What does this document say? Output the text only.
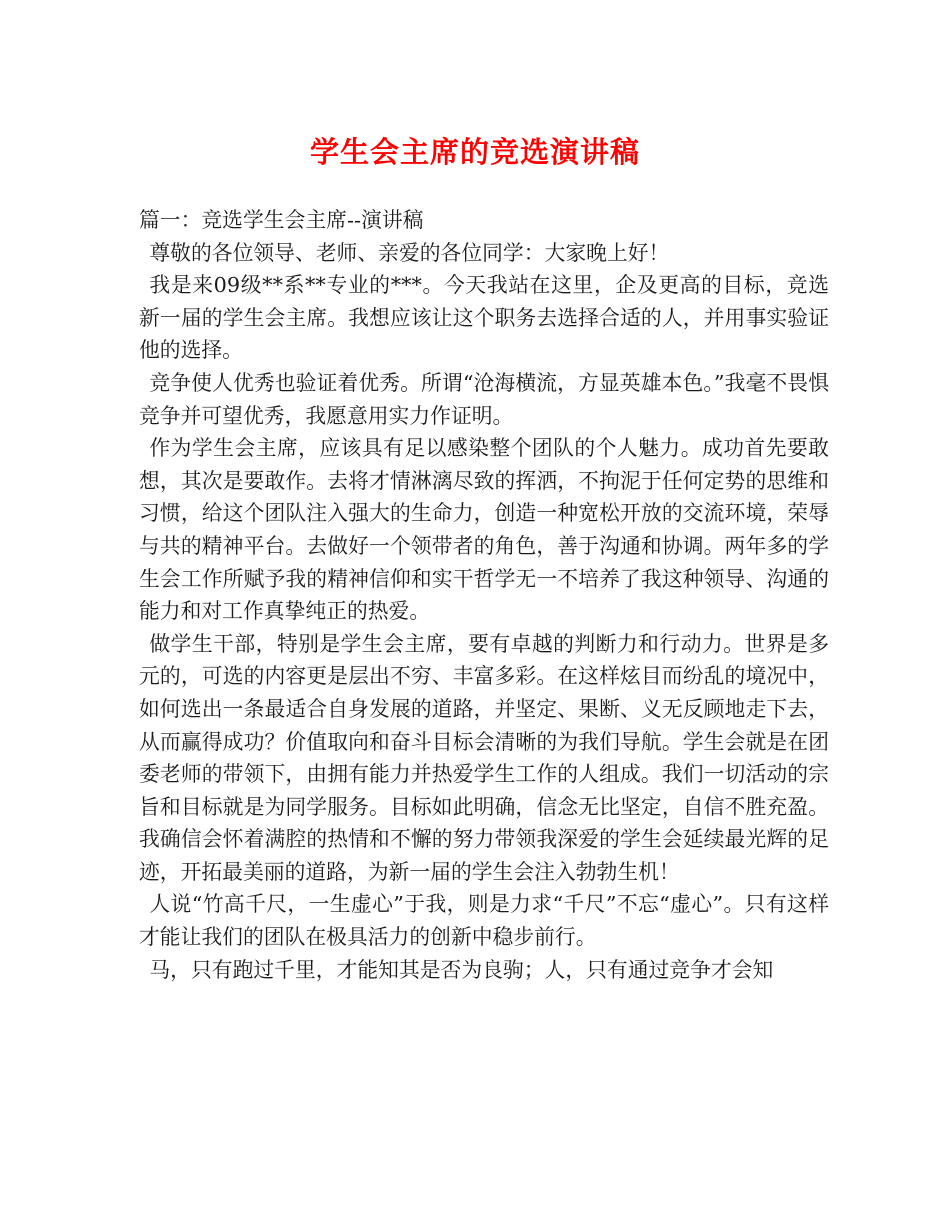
学生会主席的竞选演讲稿

篇一：竞选学生会主席--演讲稿

尊敬的各位领导、老师、亲爱的各位同学：大家晚上好！

我是来09级**系**专业的***。今天我站在这里，企及更高的目标，竞选新一届的学生会主席。我想应该让这个职务去选择合适的人，并用事实验证他的选择。

竞争使人优秀也验证着优秀。所谓“沧海横流，方显英雄本色。”我毫不畏惧竞争并可望优秀，我愿意用实力作证明。

作为学生会主席，应该具有足以感染整个团队的个人魅力。成功首先要敢想，其次是要敢作。去将才情淋漓尽致的挥洒，不拘泥于任何定势的思维和习惯，给这个团队注入强大的生命力，创造一种宽松开放的交流环境，荣辱与共的精神平台。去做好一个领带者的角色，善于沟通和协调。两年多的学生会工作所赋予我的精神信仰和实干哲学无一不培养了我这种领导、沟通的能力和对工作真挚纯正的热爱。

做学生干部，特别是学生会主席，要有卓越的判断力和行动力。世界是多元的，可选的内容更是层出不穷、丰富多彩。在这样炫目而纷乱的境况中，如何选出一条最适合自身发展的道路，并坚定、果断、义无反顾地走下去，从而赢得成功？价值取向和奋斗目标会清晰的为我们导航。学生会就是在团委老师的带领下，由拥有能力并热爱学生工作的人组成。我们一切活动的宗旨和目标就是为同学服务。目标如此明确，信念无比坚定，自信不胜充盈。我确信会怀着满腔的热情和不懈的努力带领我深爱的学生会延续最光辉的足迹，开拓最美丽的道路，为新一届的学生会注入勃勃生机！

人说“竹高千尺，一生虚心”于我，则是力求“千尺”不忘“虚心”。只有这样才能让我们的团队在极具活力的创新中稳步前行。

马，只有跑过千里，才能知其是否为良驹；人，只有通过竞争才会知
